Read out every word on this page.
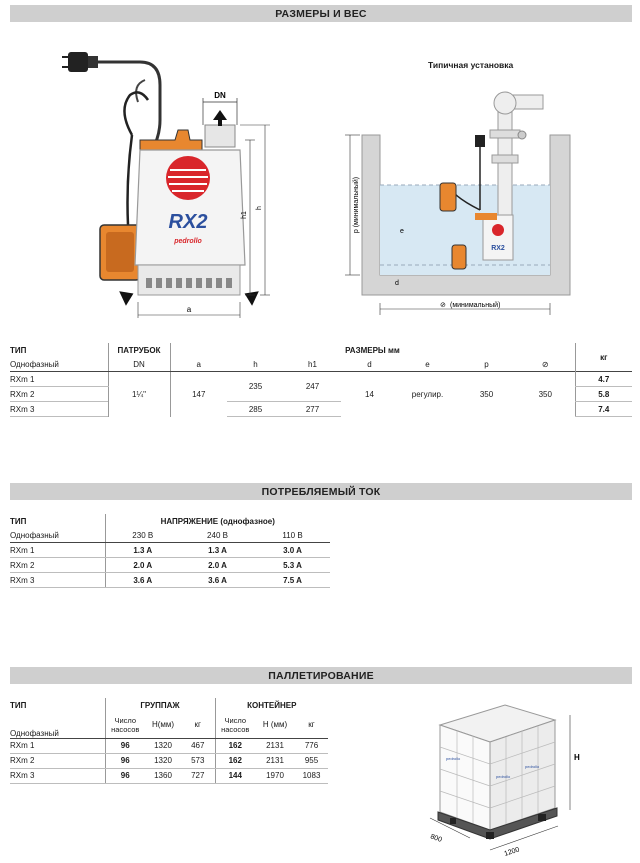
РАЗМЕРЫ И ВЕС
RX2
pedrollo
DN
h1
h
a
Типичная установка
RX2
p (минимальный)	e
d
⊘ (минимальный)
ТИП	ПАТРУБОК	РАЗМЕРЫ мм							кг
Однофазный	DN	a	h	h1	d	e	p	⊘	
RXm 1	1¼"	147	235	247	14	регулир.	350	350	4.7
RXm 2									5.8
RXm 3			285	277					7.4
ПОТРЕБЛЯЕМЫЙ ТОК
ТИП	НАПРЯЖЕНИЕ (однофазное)		
Однофазный	230 В	240 В	110 В
RXm 1	1.3 A	1.3 A	3.0 A
RXm 2	2.0 A	2.0 A	5.3 A
RXm 3	3.6 A	3.6 A	7.5 A
ПАЛЛЕТИРОВАНИЕ
ТИП	ГРУППАЖ			КОНТЕЙНЕР		
Однофазный	Число насосов	H(мм)	кг	Число насосов	H (мм)	кг
RXm 1	96	1320	467	162	2131	776
RXm 2	96	1320	573	162	2131	955
RXm 3	96	1360	727	144	1970	1083
pedrollo
pedrollo
pedrollo
H
800
1200
